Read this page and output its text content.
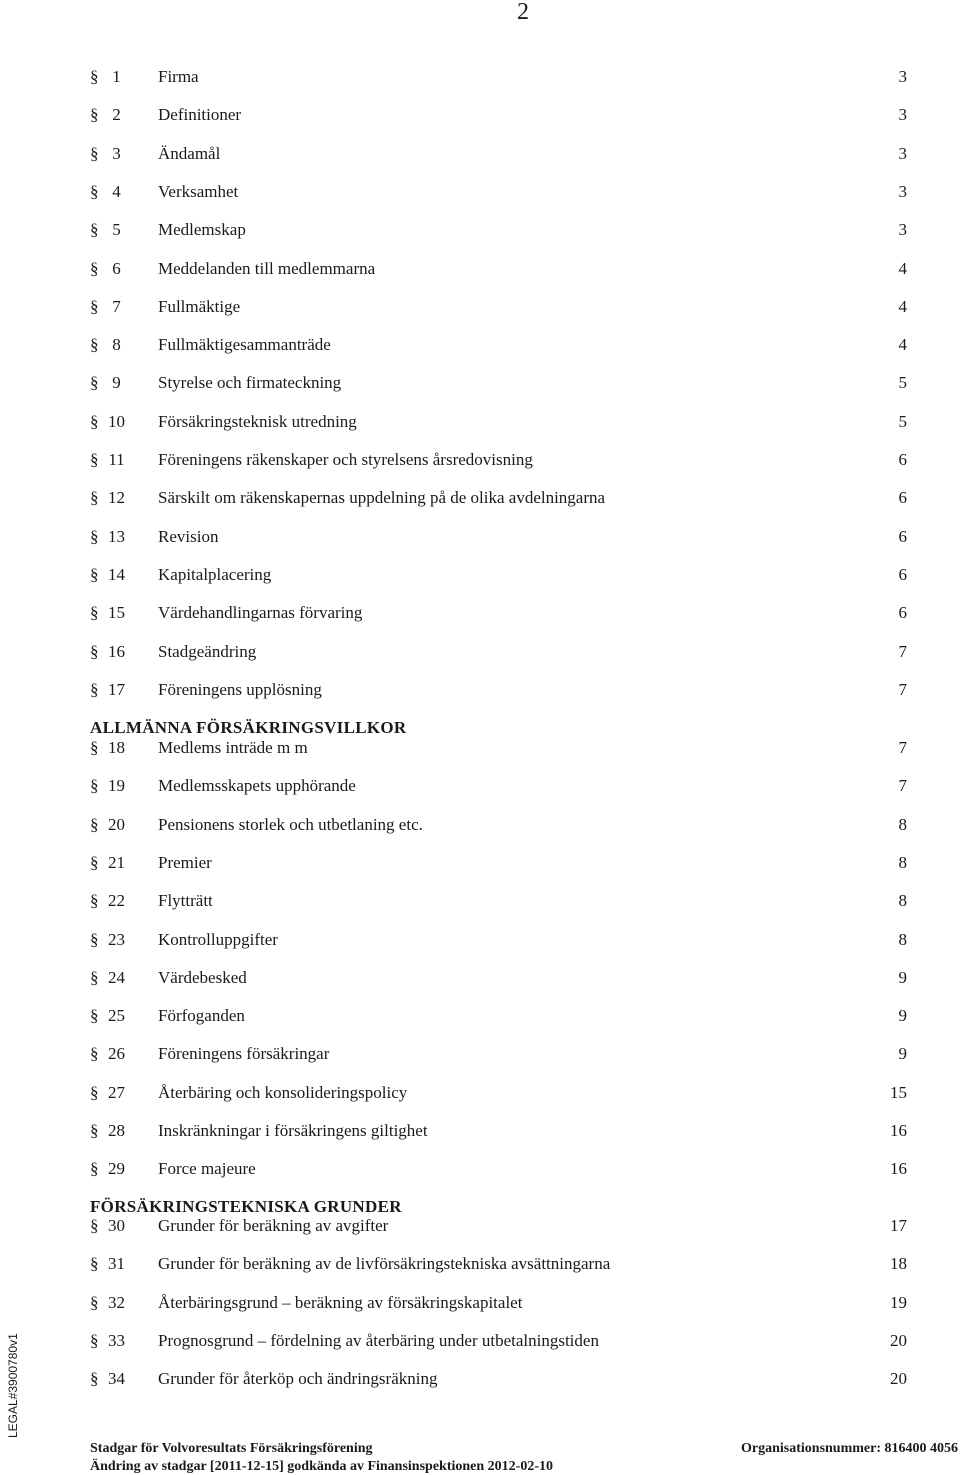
2
§ 1	Firma	3
§ 2	Definitioner	3
§ 3	Ändamål	3
§ 4	Verksamhet	3
§ 5	Medlemskap	3
§ 6	Meddelanden till medlemmarna	4
§ 7	Fullmäktige	4
§ 8	Fullmäktigesammanträde	4
§ 9	Styrelse och firmateckning	5
§ 10 Försäkringsteknisk utredning	5
§ 11 Föreningens räkenskaper och styrelsens årsredovisning	6
§ 12 Särskilt om räkenskapernas uppdelning på de olika avdelningarna	6
§ 13 Revision	6
§ 14 Kapitalplacering	6
§ 15 Värdehandlingarnas förvaring	6
§ 16 Stadgeändring	7
§ 17 Föreningens upplösning	7
§ 18 Medlems inträde m m	7
§ 19 Medlemsskapets upphörande	7
§ 20 Pensionens storlek och utbetlaning etc.	8
§ 21 Premier	8
§ 22 Flytträtt	8
§ 23 Kontrolluppgifter	8
§ 24 Värdebesked	9
§ 25 Förfoganden	9
§ 26 Föreningens försäkringar	9
§ 27 Återbäring och konsolideringspolicy	15
§ 28 Inskränkningar i försäkringens giltighet	16
§ 29 Force majeure	16
§ 30 Grunder för beräkning av avgifter	17
§ 31 Grunder för beräkning av de livförsäkringstekniska avsättningarna	18
§ 32 Återbäringsgrund – beräkning av försäkringskapitalet	19
§ 33 Prognosgrund – fördelning av återbäring under utbetalningstiden	20
§ 34 Grunder för återköp och ändringsräkning	20
ALLMÄNNA FÖRSÄKRINGSVILLKOR
FÖRSÄKRINGSTEKNISKA GRUNDER
LEGAL#3900780v1
Stadgar för Volvoresultats Försäkringsförening
Ändring av stadgar [2011-12-15] godkända av Finansinspektionen 2012-02-10
Organisationsnummer: 816400 4056
